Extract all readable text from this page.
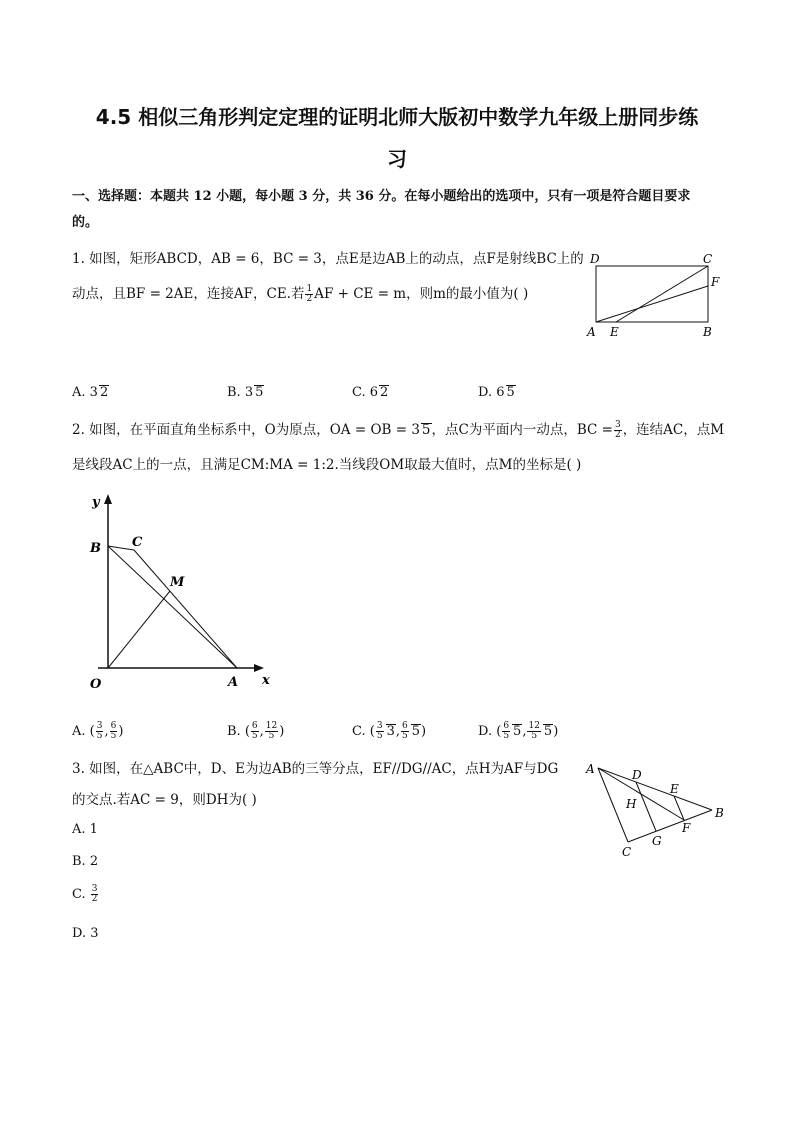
4.5 相似三角形判定定理的证明北师大版初中数学九年级上册同步练
习
一、选择题：本题共 12 小题，每小题 3 分，共 36 分。在每小题给出的选项中，只有一项是符合题目要求
的。
1. 如图，矩形ABCD，AB = 6，BC = 3，点E是边AB上的动点，点F是射线BC上的
动点，且BF = 2AE，连接AF，CE.若 $\frac{1}{2}$ AF + CE = m，则m的最小值为( )
D	C
F
A E	B
A. 3 2	B. 3 5	C. 6 2	D. 6 5
2. 如图，在平面直角坐标系中，O为原点，OA = OB = 3 5，点C为平面内一动点，BC = $\frac{3}{2}$ ，连结AC，点M
是线段AC上的一点，且满足CM:MA = 1:2.当线段OM取最大值时，点M的坐标是( )
y
x
B C
M
O	A
A. ( $\frac{3}{5}$ , $\frac{6}{5}$ )	B. ( $\frac{6}{5}$ , $\frac{12}{5}$ )	C. ( $\frac{3}{5} 3$, $\frac{6}{5} 5$)	D. ( $\frac{6}{5} 5$, $\frac{12}{5} 5$)
3. 如图，在△ABC中，D、E为边AB的三等分点，EF//DG//AC，点H为AF与DG
的交点.若AC = 9，则DH为( )
A	D
E
B
H
F
G
C
A. 1
B. 2
C. $\frac{3}{2}$
D. 3
